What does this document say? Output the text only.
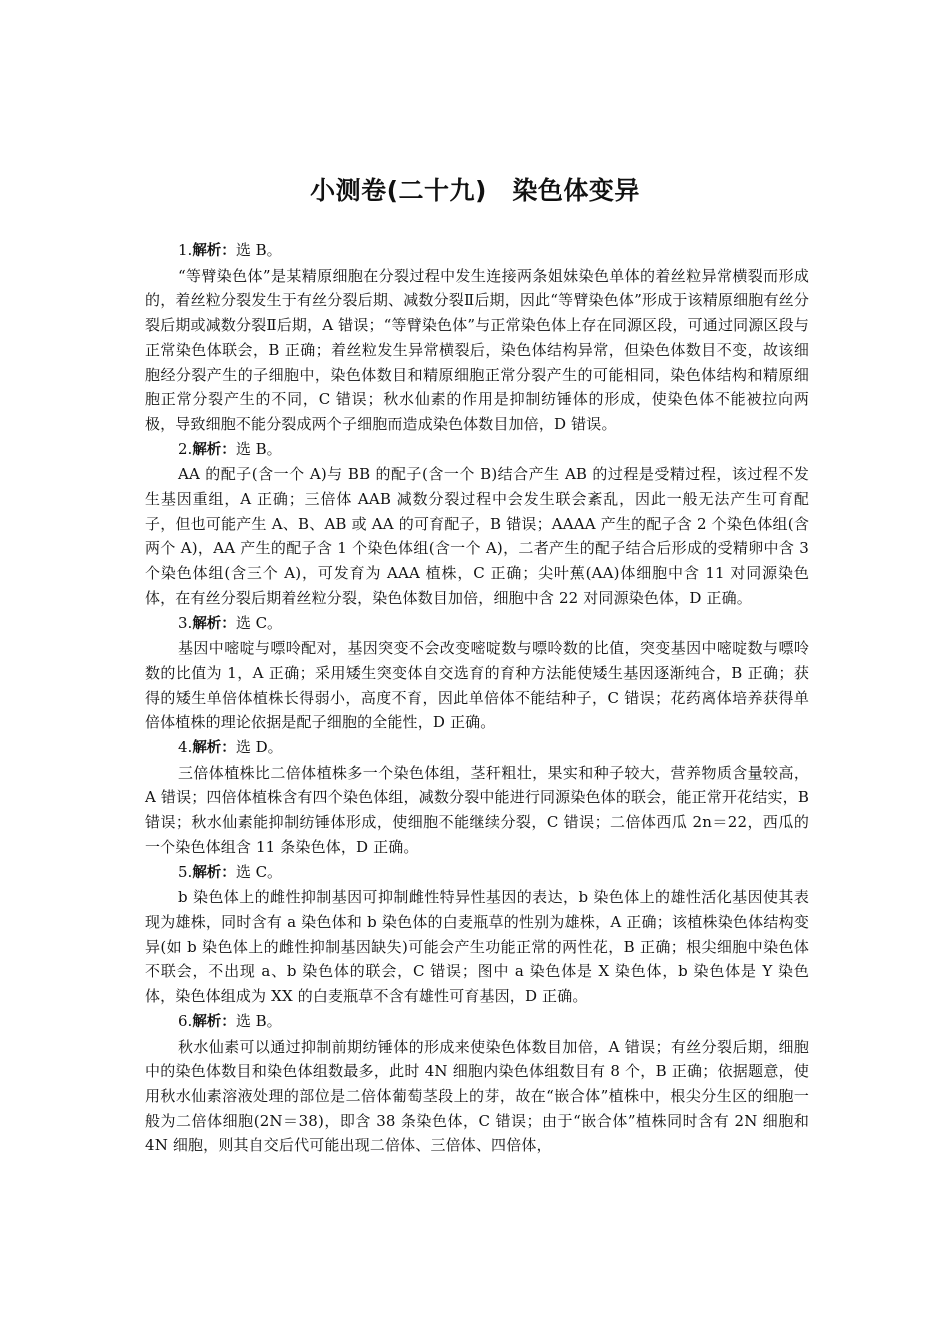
小测卷(二十九)　染色体变异

1.解析：选 B。

“等臂染色体”是某精原细胞在分裂过程中发生连接两条姐妹染色单体的着丝粒异常横裂而形成的，着丝粒分裂发生于有丝分裂后期、减数分裂Ⅱ后期，因此“等臂染色体”形成于该精原细胞有丝分裂后期或减数分裂Ⅱ后期，A 错误；“等臂染色体”与正常染色体上存在同源区段，可通过同源区段与正常染色体联会，B 正确；着丝粒发生异常横裂后，染色体结构异常，但染色体数目不变，故该细胞经分裂产生的子细胞中，染色体数目和精原细胞正常分裂产生的可能相同，染色体结构和精原细胞正常分裂产生的不同，C 错误；秋水仙素的作用是抑制纺锤体的形成，使染色体不能被拉向两极，导致细胞不能分裂成两个子细胞而造成染色体数目加倍，D 错误。

2.解析：选 B。

AA 的配子(含一个 A)与 BB 的配子(含一个 B)结合产生 AB 的过程是受精过程，该过程不发生基因重组，A 正确；三倍体 AAB 减数分裂过程中会发生联会紊乱，因此一般无法产生可育配子，但也可能产生 A、B、AB 或 AA 的可育配子，B 错误；AAAA 产生的配子含 2 个染色体组(含两个 A)，AA 产生的配子含 1 个染色体组(含一个 A)，二者产生的配子结合后形成的受精卵中含 3 个染色体组(含三个 A)，可发育为 AAA 植株，C 正确；尖叶蕉(AA)体细胞中含 11 对同源染色体，在有丝分裂后期着丝粒分裂，染色体数目加倍，细胞中含 22 对同源染色体，D 正确。

3.解析：选 C。

基因中嘧啶与嘌呤配对，基因突变不会改变嘧啶数与嘌呤数的比值，突变基因中嘧啶数与嘌呤数的比值为 1，A 正确；采用矮生突变体自交选育的育种方法能使矮生基因逐渐纯合，B 正确；获得的矮生单倍体植株长得弱小，高度不育，因此单倍体不能结种子，C 错误；花药离体培养获得单倍体植株的理论依据是配子细胞的全能性，D 正确。

4.解析：选 D。

三倍体植株比二倍体植株多一个染色体组，茎秆粗壮，果实和种子较大，营养物质含量较高，A 错误；四倍体植株含有四个染色体组，减数分裂中能进行同源染色体的联会，能正常开花结实，B 错误；秋水仙素能抑制纺锤体形成，使细胞不能继续分裂，C 错误；二倍体西瓜 2n＝22，西瓜的一个染色体组含 11 条染色体，D 正确。

5.解析：选 C。

b 染色体上的雌性抑制基因可抑制雌性特异性基因的表达，b 染色体上的雄性活化基因使其表现为雄株，同时含有 a 染色体和 b 染色体的白麦瓶草的性别为雄株，A 正确；该植株染色体结构变异(如 b 染色体上的雌性抑制基因缺失)可能会产生功能正常的两性花，B 正确；根尖细胞中染色体不联会，不出现 a、b 染色体的联会，C 错误；图中 a 染色体是 X 染色体，b 染色体是 Y 染色体，染色体组成为 XX 的白麦瓶草不含有雄性可育基因，D 正确。

6.解析：选 B。

秋水仙素可以通过抑制前期纺锤体的形成来使染色体数目加倍，A 错误；有丝分裂后期，细胞中的染色体数目和染色体组数最多，此时 4N 细胞内染色体组数目有 8 个，B 正确；依据题意，使用秋水仙素溶液处理的部位是二倍体葡萄茎段上的芽，故在“嵌合体”植株中，根尖分生区的细胞一般为二倍体细胞(2N＝38)，即含 38 条染色体，C 错误；由于“嵌合体”植株同时含有 2N 细胞和 4N 细胞，则其自交后代可能出现二倍体、三倍体、四倍体，
